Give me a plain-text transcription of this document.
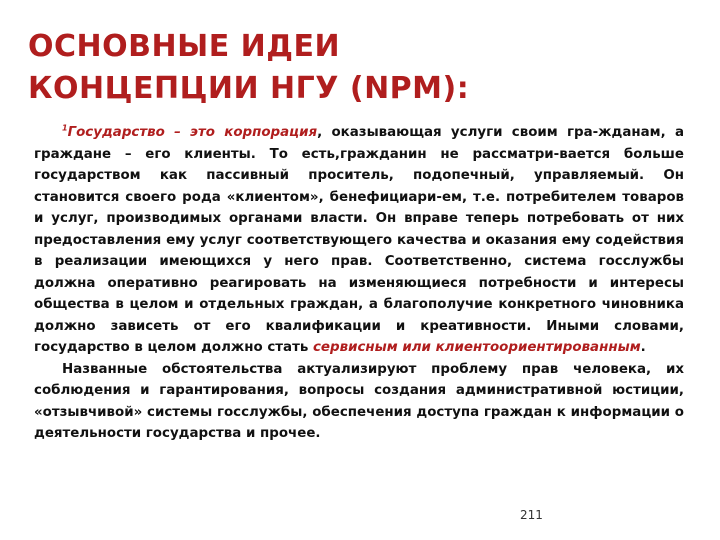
ОСНОВНЫЕ ИДЕИ
КОНЦЕПЦИИ НГУ (NPM):

$^1$Государство – это корпорация, оказывающая услуги своим гра-жданам, а граждане – его клиенты. То есть,гражданин не рассматри-вается больше государством как пассивный проситель, подопечный, управляемый. Он становится своего рода «клиентом», бенефициари-ем, т.е. потребителем товаров и услуг, производимых органами власти. Он вправе теперь потребовать от них предоставления ему услуг соответствующего качества и оказания ему содействия в реализации имеющихся у него прав. Соответственно, система госслужбы должна оперативно реагировать на изменяющиеся потребности и интересы общества в целом и отдельных граждан, а благополучие конкретного чиновника должно зависеть от его квалификации и креативности. Иными словами, государство в целом должно стать сервисным или клиентоориентированным.

Названные обстоятельства актуализируют проблему прав человека, их соблюдения и гарантирования, вопросы создания административной юстиции, «отзывчивой» системы госслужбы, обеспечения доступа граждан к информации о деятельности государства и прочее.

211
